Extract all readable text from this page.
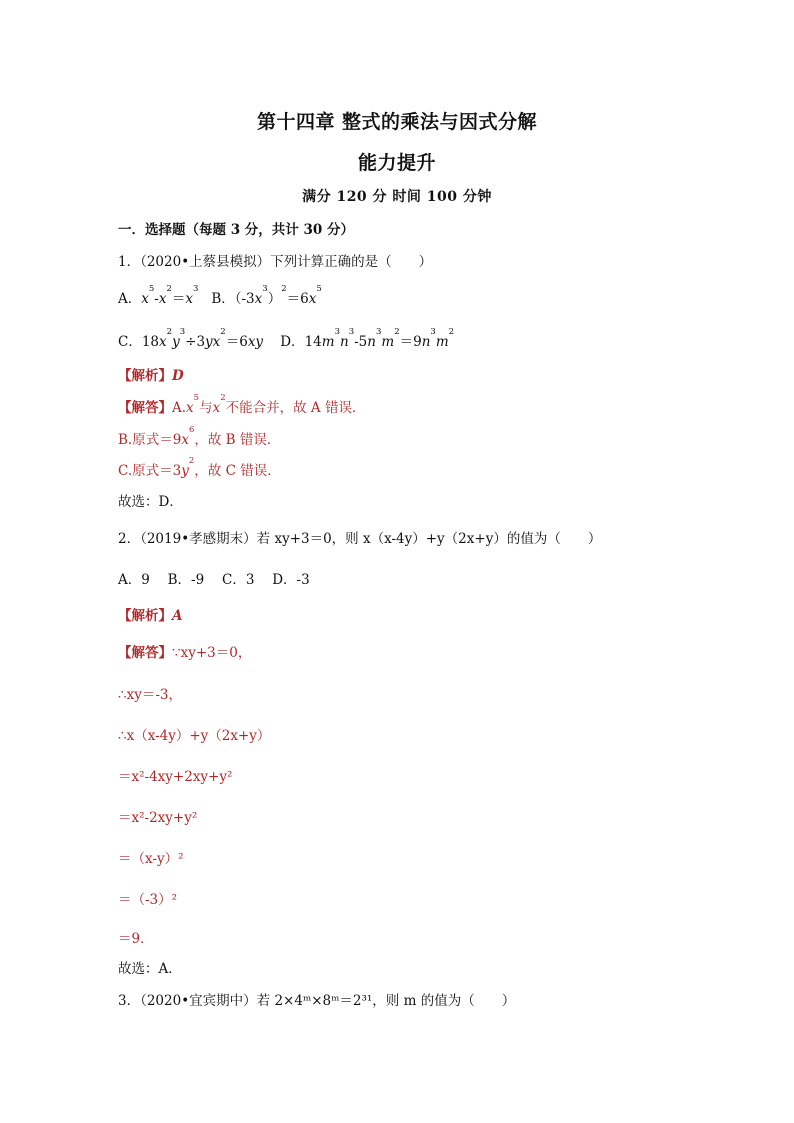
第十四章 整式的乘法与因式分解
能力提升
满分 120 分 时间 100 分钟
一．选择题（每题 3 分，共计 30 分）
1．（2020•上蔡县模拟）下列计算正确的是（　　）
A．$x^5-x^2=x^3$   B．$(-3x^3)^2=6x^5$
C．$18x^2y^3\div 3yx^2=6xy$ D．$14m^3n^3-5n^3m^2=9n^3m^2$
【解析】D
【解答】$A.x^5$与$x^2$不能合并，故 A 错误．
B.原式$=9x^6$，故 B 错误．
C.原式$=3y^2$，故 C 错误．
故选：D．
2．（2019•孝感期末）若 xy+3＝0，则 x（x-4y）+y（2x+y）的值为（　　）
A．9　 B．-9　 C．3　 D．-3
【解析】A
【解答】∵xy+3＝0，
∴xy＝-3，
∴x（x-4y）+y（2x+y）
＝x²-4xy+2xy+y²
＝x²-2xy+y²
＝（x-y）²
＝（-3）²
＝9．
故选：A．
3．（2020•宜宾期中）若 2×4ᵐ×8ᵐ＝2³¹，则 m 的值为（　　）
